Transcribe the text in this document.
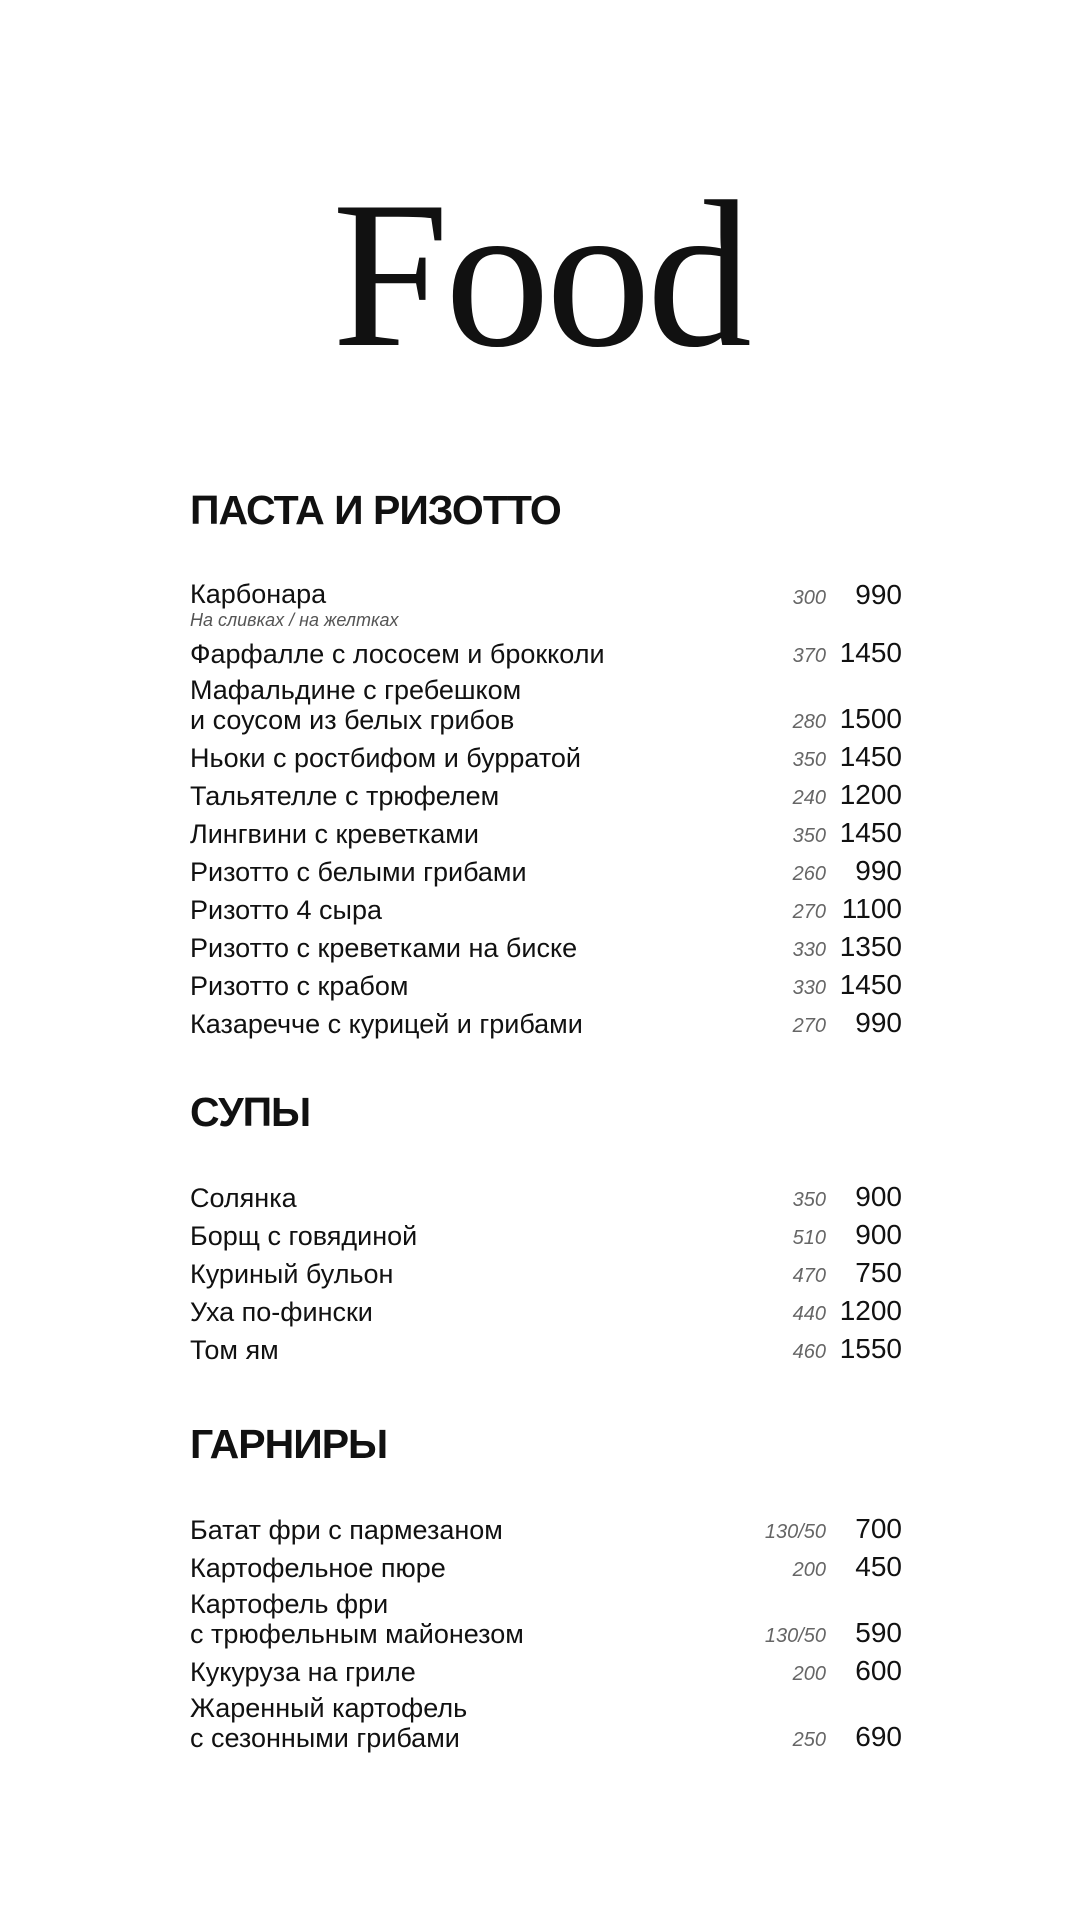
Food
ПАСТА И РИЗОТТО
Карбонара
На сливках / на желтках
300	990
Фарфалле с лососем и брокколи	370 1450
Мафальдине с гребешком
и соусом из белых грибов	280 1500
Ньоки с ростбифом и бурратой	350 1450
Тальятелле с трюфелем	240 1200
Лингвини с креветками	350 1450
Ризотто с белыми грибами	260	990
Ризотто 4 сыра	270 1100
Ризотто с креветками на биске	330 1350
Ризотто с крабом	330 1450
Казаречче с курицей и грибами	270	990
СУПЫ
Солянка	350	900
Борщ с говядиной	510	900
Куриный бульон	470	750
Уха по-фински	440 1200
Том ям	460 1550
ГАРНИРЫ
Батат фри с пармезаном	130/50	700
Картофельное пюре	200	450
Картофель фри
с трюфельным майонезом	130/50	590
Кукуруза на гриле	200	600
Жаренный картофель
с сезонными грибами	250	690
